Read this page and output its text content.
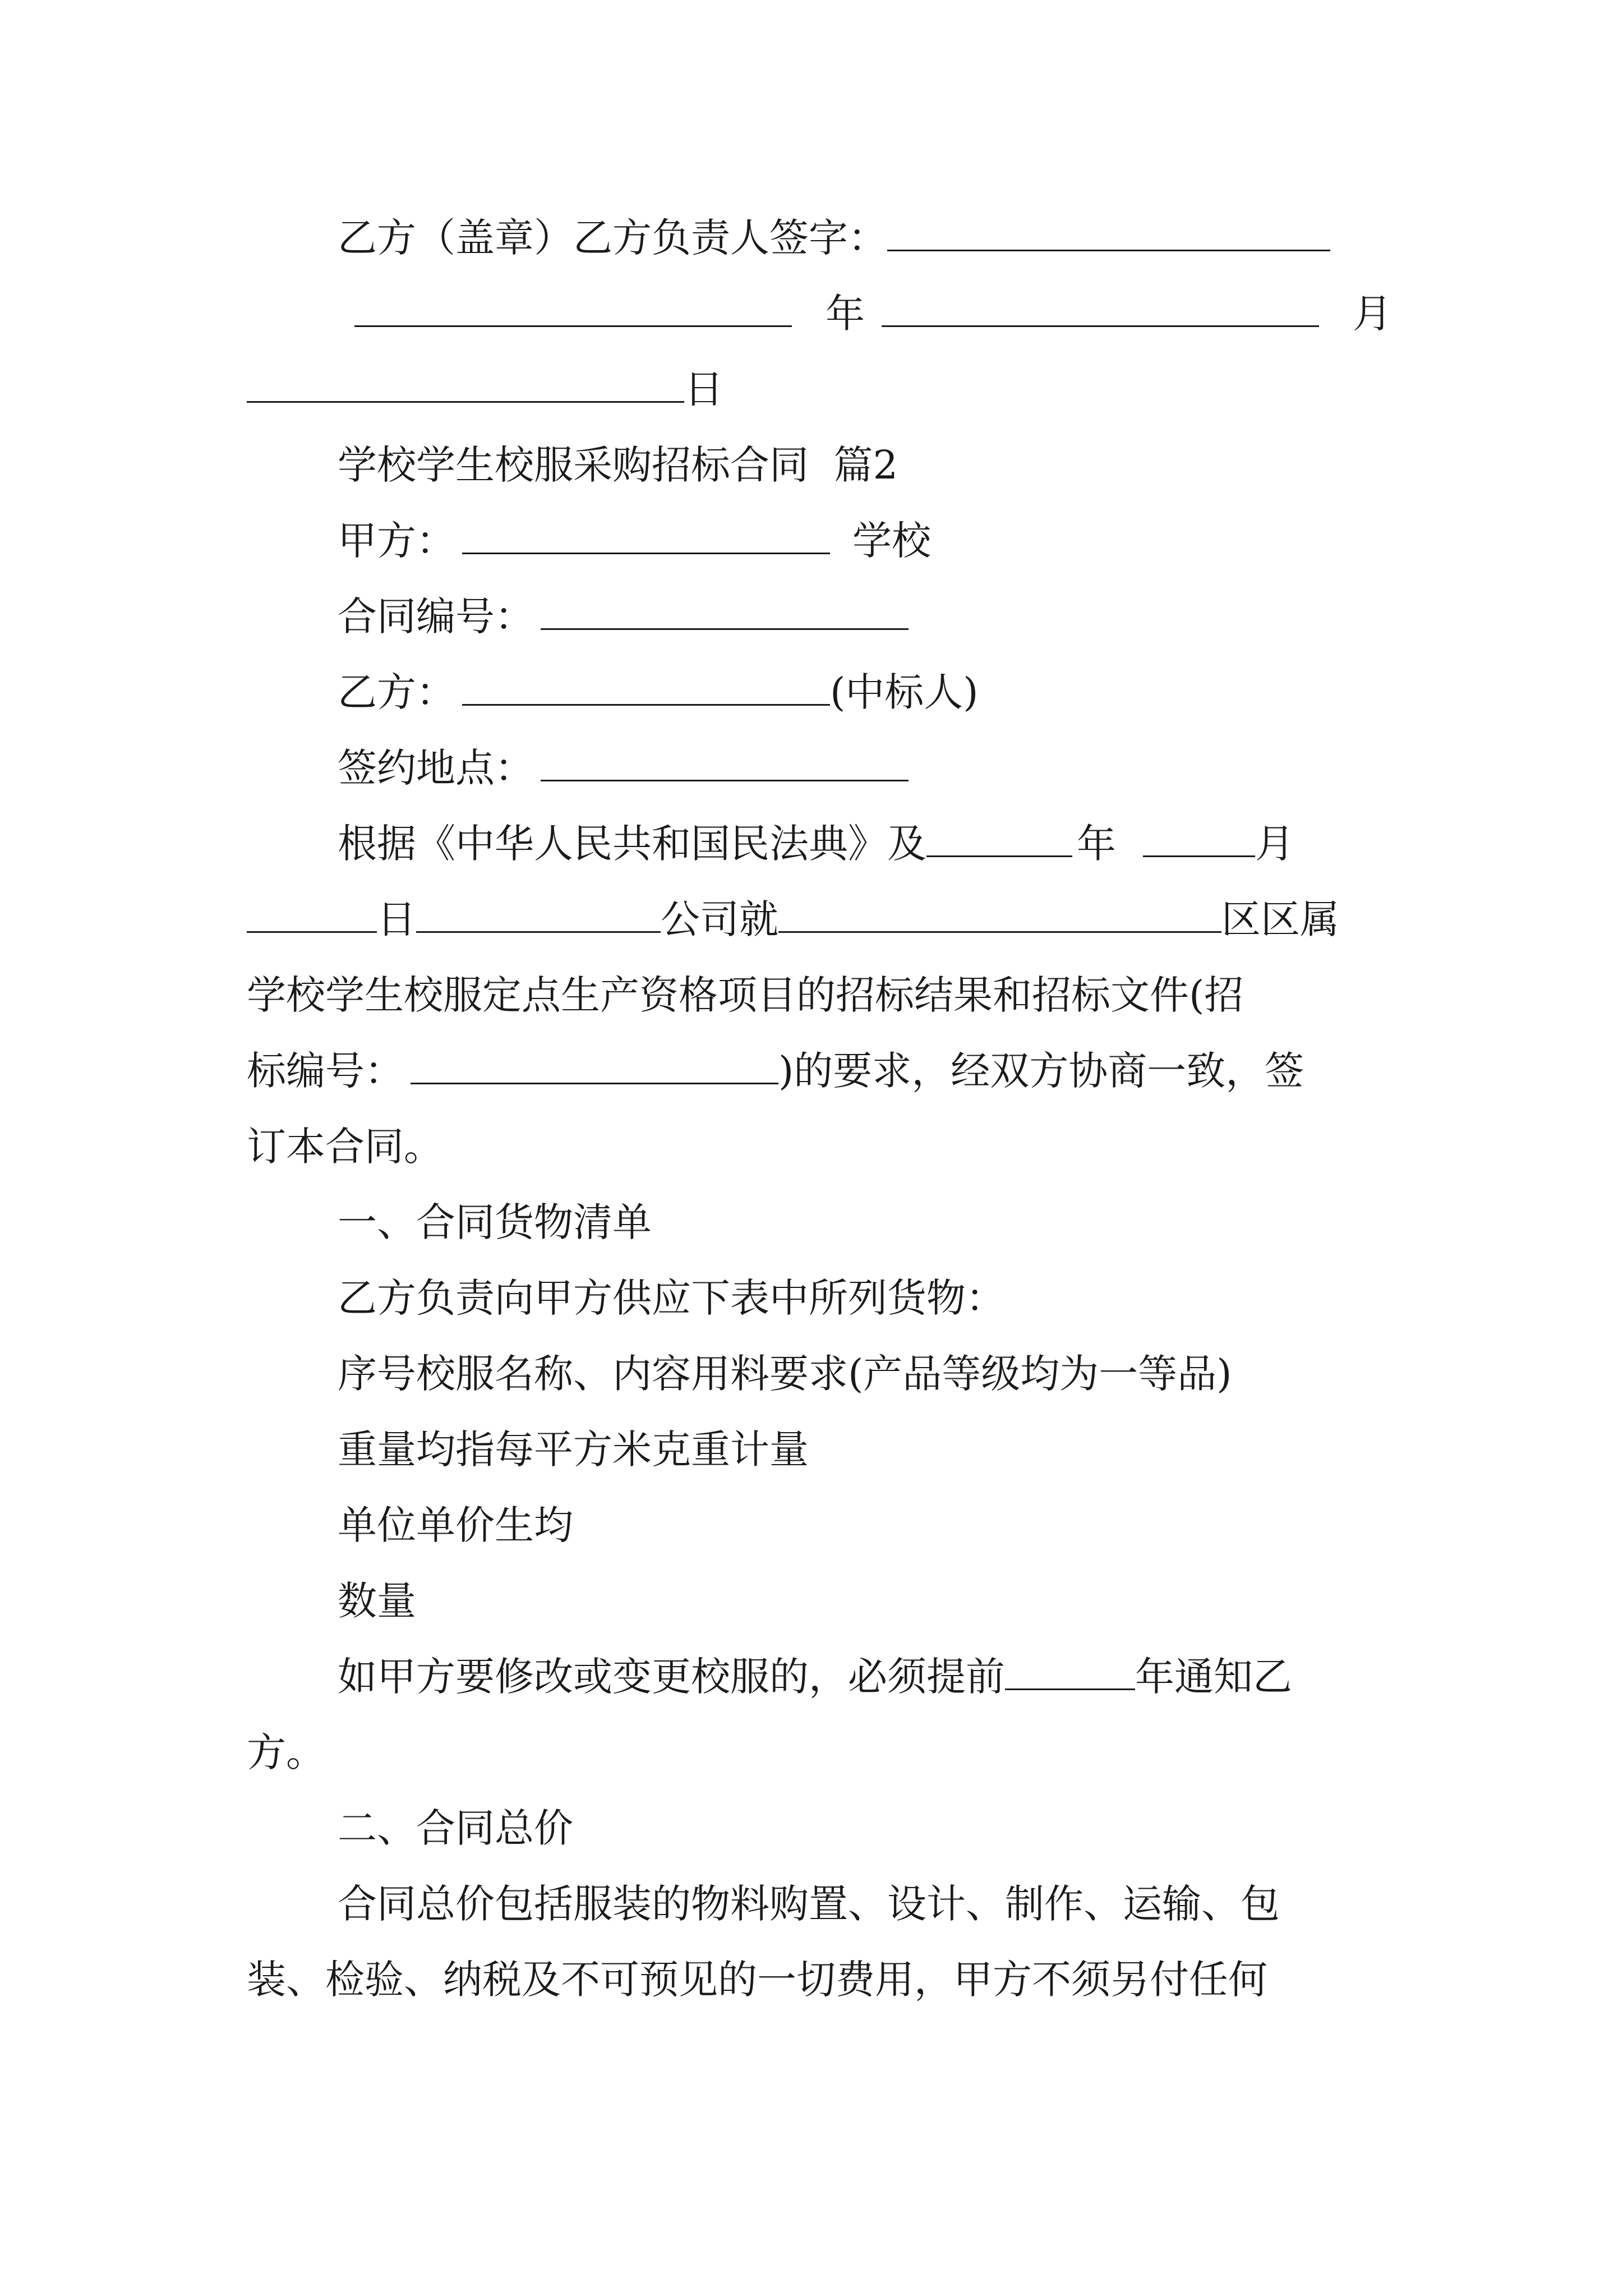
乙方（盖章）乙方负责人签字：
年	月
日
学校学生校服采购招标合同  篇2
甲方：	学校
合同编号：
乙方：	(中标人)
签约地点：
根据《中华人民共和国民法典》及	年	月
日	公司就	区区属
学校学生校服定点生产资格项目的招标结果和招标文件(招
标编号：	)的要求，经双方协商一致，签
订本合同。
一、合同货物清单
乙方负责向甲方供应下表中所列货物：
序号校服名称、内容用料要求(产品等级均为一等品)
重量均指每平方米克重计量
单位单价生均
数量
如甲方要修改或变更校服的，必须提前	年通知乙
方。
二、合同总价
合同总价包括服装的物料购置、设计、制作、运输、包
装、检验、纳税及不可预见的一切费用，甲方不须另付任何
